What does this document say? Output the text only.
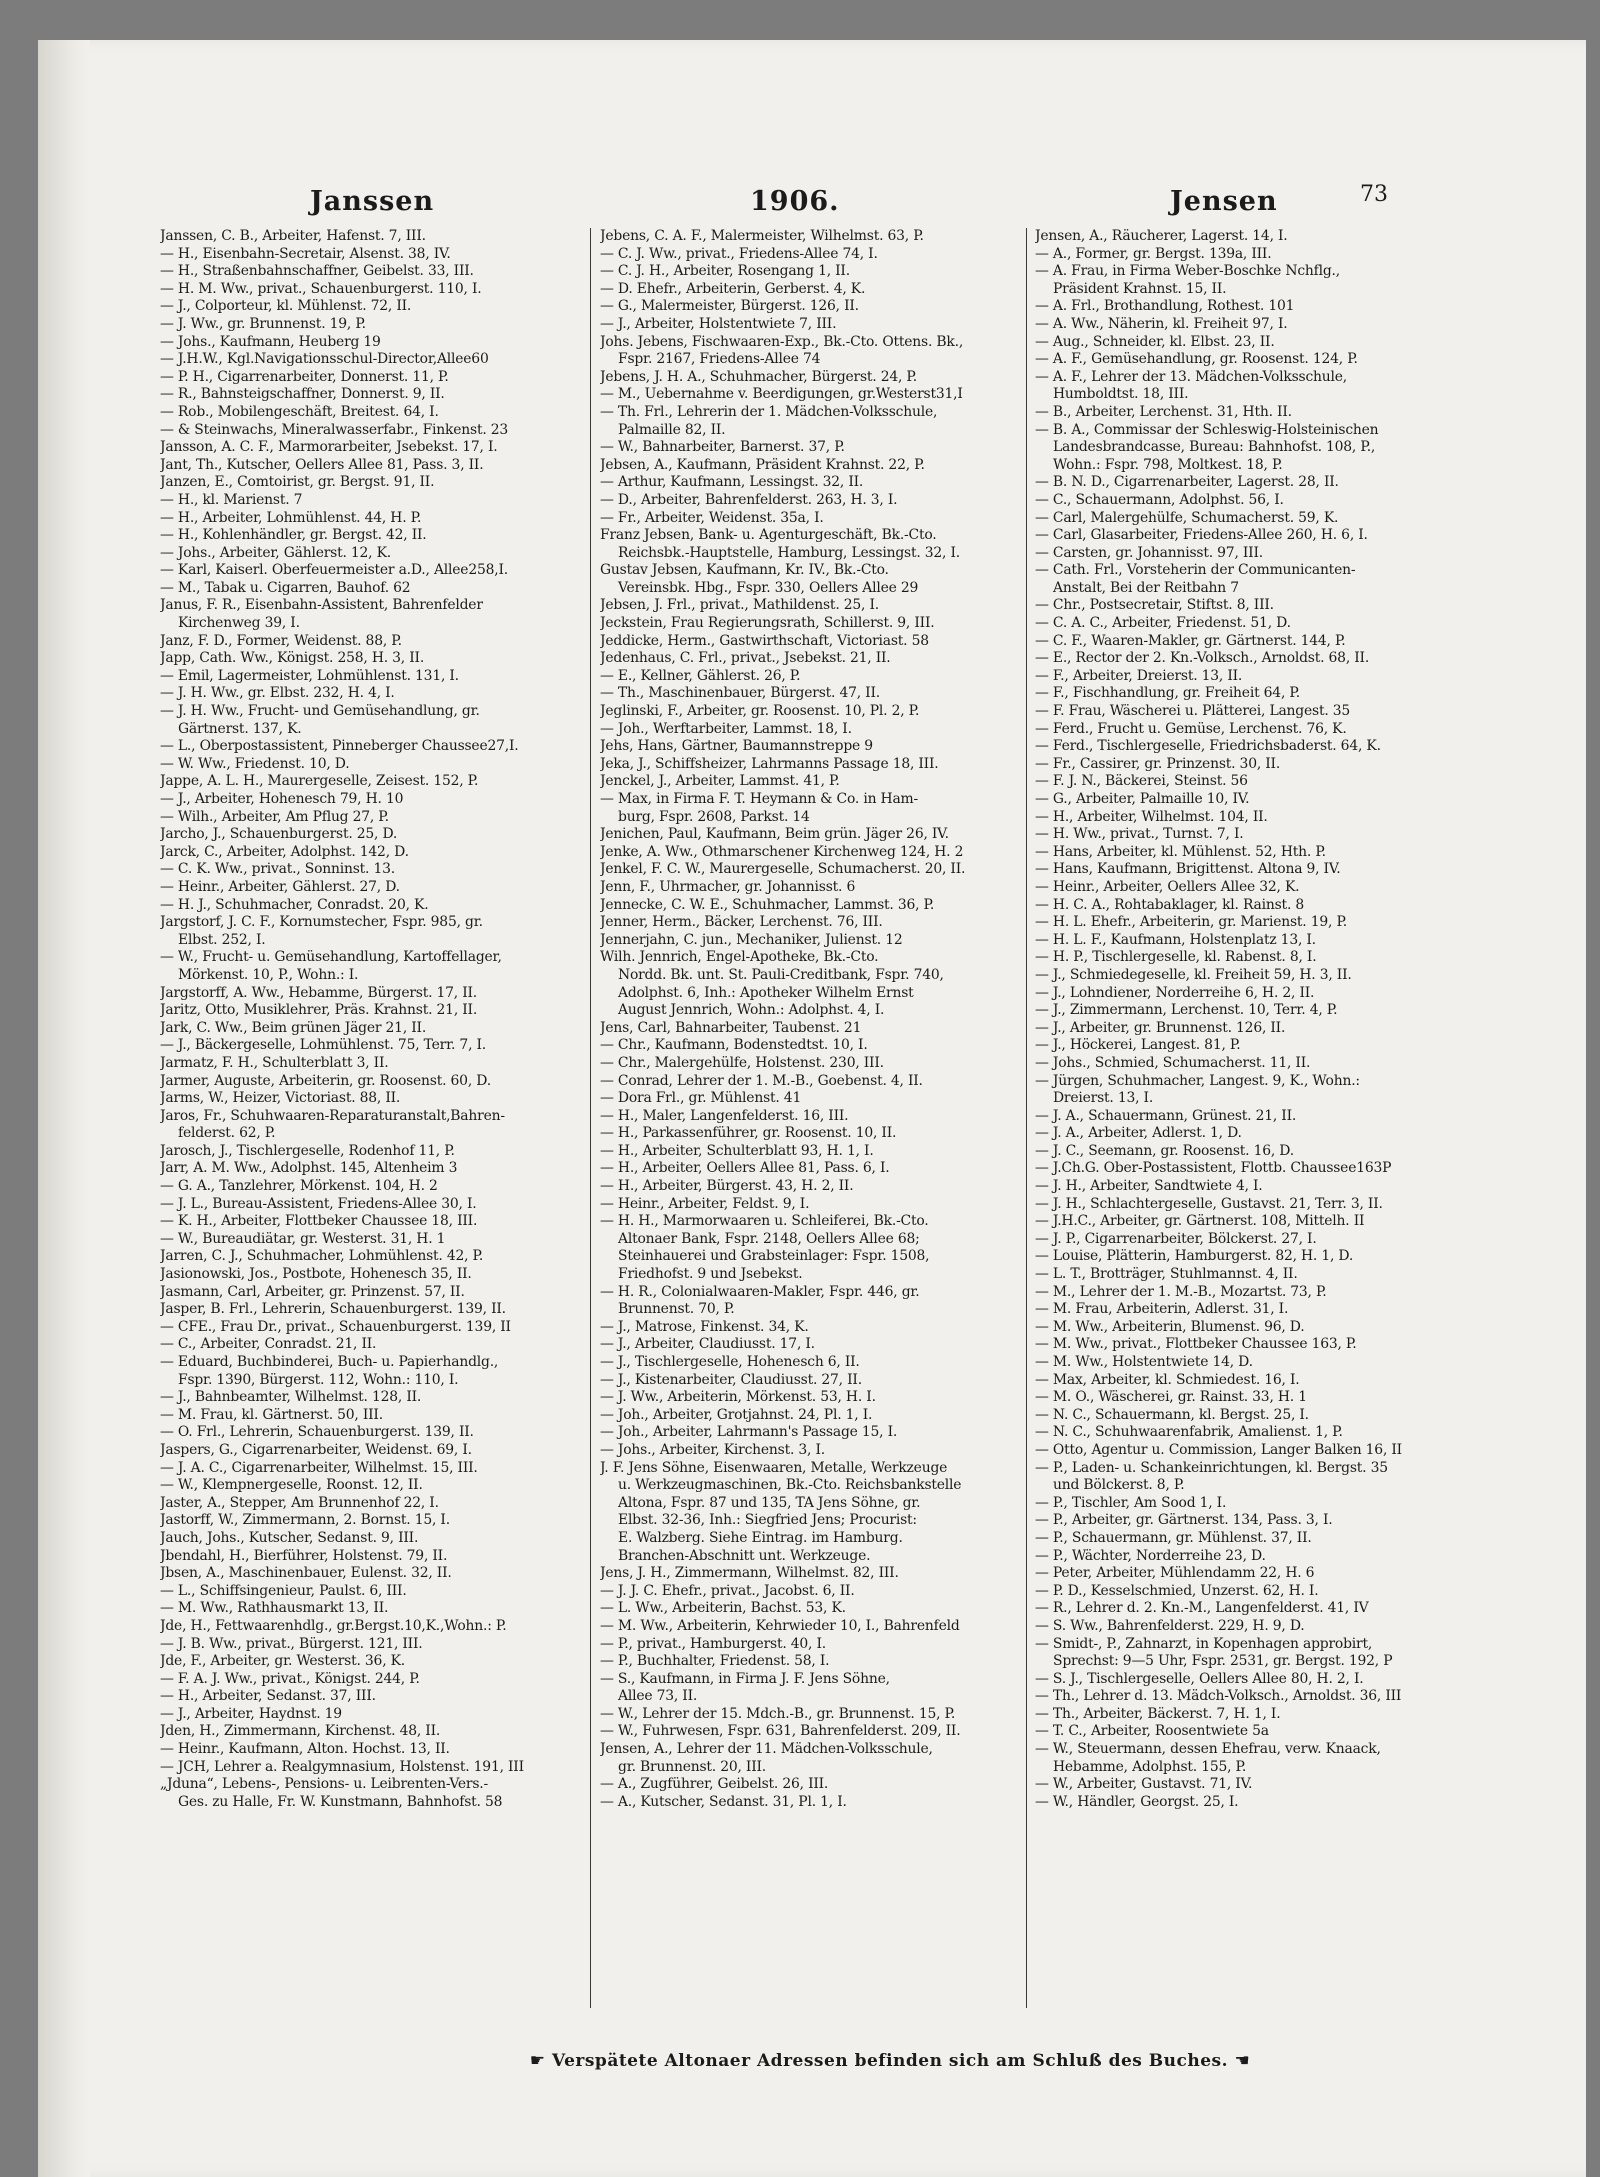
Janssen	1906.	Jensen	73
Janssen, C. B., Arbeiter, Hafenst. 7, III.
— H., Eisenbahn-Secretair, Alsenst. 38, IV.
— H., Straßenbahnschaffner, Geibelst. 33, III.
— H. M. Ww., privat., Schauenburgerst. 110, I.
— J., Colporteur, kl. Mühlenst. 72, II.
— J. Ww., gr. Brunnenst. 19, P.
— Johs., Kaufmann, Heuberg 19
— J.H.W., Kgl.Navigationsschul-Director,Allee60
— P. H., Cigarrenarbeiter, Donnerst. 11, P.
— R., Bahnsteigschaffner, Donnerst. 9, II.
— Rob., Mobilengeschäft, Breitest. 64, I.
— & Steinwachs, Mineralwasserfabr., Finkenst. 23
Jansson, A. C. F., Marmorarbeiter, Jsebekst. 17, I.
Jant, Th., Kutscher, Oellers Allee 81, Pass. 3, II.
Janzen, E., Comtoirist, gr. Bergst. 91, II.
— H., kl. Marienst. 7
— H., Arbeiter, Lohmühlenst. 44, H. P.
— H., Kohlenhändler, gr. Bergst. 42, II.
— Johs., Arbeiter, Gählerst. 12, K.
— Karl, Kaiserl. Oberfeuermeister a.D., Allee258,I.
— M., Tabak u. Cigarren, Bauhof. 62
Janus, F. R., Eisenbahn-Assistent, Bahrenfelder
Kirchenweg 39, I.
Janz, F. D., Former, Weidenst. 88, P.
Japp, Cath. Ww., Königst. 258, H. 3, II.
— Emil, Lagermeister, Lohmühlenst. 131, I.
— J. H. Ww., gr. Elbst. 232, H. 4, I.
— J. H. Ww., Frucht- und Gemüsehandlung, gr.
Gärtnerst. 137, K.
— L., Oberpostassistent, Pinneberger Chaussee27,I.
— W. Ww., Friedenst. 10, D.
Jappe, A. L. H., Maurergeselle, Zeisest. 152, P.
— J., Arbeiter, Hohenesch 79, H. 10
— Wilh., Arbeiter, Am Pflug 27, P.
Jarcho, J., Schauenburgerst. 25, D.
Jarck, C., Arbeiter, Adolphst. 142, D.
— C. K. Ww., privat., Sonninst. 13.
— Heinr., Arbeiter, Gählerst. 27, D.
— H. J., Schuhmacher, Conradst. 20, K.
Jargstorf, J. C. F., Kornumstecher, Fspr. 985, gr.
Elbst. 252, I.
— W., Frucht- u. Gemüsehandlung, Kartoffellager,
Mörkenst. 10, P., Wohn.: I.
Jargstorff, A. Ww., Hebamme, Bürgerst. 17, II.
Jaritz, Otto, Musiklehrer, Präs. Krahnst. 21, II.
Jark, C. Ww., Beim grünen Jäger 21, II.
— J., Bäckergeselle, Lohmühlenst. 75, Terr. 7, I.
Jarmatz, F. H., Schulterblatt 3, II.
Jarmer, Auguste, Arbeiterin, gr. Roosenst. 60, D.
Jarms, W., Heizer, Victoriast. 88, II.
Jaros, Fr., Schuhwaaren-Reparaturanstalt,Bahren-
felderst. 62, P.
Jarosch, J., Tischlergeselle, Rodenhof 11, P.
Jarr, A. M. Ww., Adolphst. 145, Altenheim 3
— G. A., Tanzlehrer, Mörkenst. 104, H. 2
— J. L., Bureau-Assistent, Friedens-Allee 30, I.
— K. H., Arbeiter, Flottbeker Chaussee 18, III.
— W., Bureaudiätar, gr. Westerst. 31, H. 1
Jarren, C. J., Schuhmacher, Lohmühlenst. 42, P.
Jasionowski, Jos., Postbote, Hohenesch 35, II.
Jasmann, Carl, Arbeiter, gr. Prinzenst. 57, II.
Jasper, B. Frl., Lehrerin, Schauenburgerst. 139, II.
— CFE., Frau Dr., privat., Schauenburgerst. 139, II
— C., Arbeiter, Conradst. 21, II.
— Eduard, Buchbinderei, Buch- u. Papierhandlg.,
Fspr. 1390, Bürgerst. 112, Wohn.: 110, I.
— J., Bahnbeamter, Wilhelmst. 128, II.
— M. Frau, kl. Gärtnerst. 50, III.
— O. Frl., Lehrerin, Schauenburgerst. 139, II.
Jaspers, G., Cigarrenarbeiter, Weidenst. 69, I.
— J. A. C., Cigarrenarbeiter, Wilhelmst. 15, III.
— W., Klempnergeselle, Roonst. 12, II.
Jaster, A., Stepper, Am Brunnenhof 22, I.
Jastorff, W., Zimmermann, 2. Bornst. 15, I.
Jauch, Johs., Kutscher, Sedanst. 9, III.
Jbendahl, H., Bierführer, Holstenst. 79, II.
Jbsen, A., Maschinenbauer, Eulenst. 32, II.
— L., Schiffsingenieur, Paulst. 6, III.
— M. Ww., Rathhausmarkt 13, II.
Jde, H., Fettwaarenhdlg., gr.Bergst.10,K.,Wohn.: P.
— J. B. Ww., privat., Bürgerst. 121, III.
Jde, F., Arbeiter, gr. Westerst. 36, K.
— F. A. J. Ww., privat., Königst. 244, P.
— H., Arbeiter, Sedanst. 37, III.
— J., Arbeiter, Haydnst. 19
Jden, H., Zimmermann, Kirchenst. 48, II.
— Heinr., Kaufmann, Alton. Hochst. 13, II.
— JCH, Lehrer a. Realgymnasium, Holstenst. 191, III
„Jduna“, Lebens-, Pensions- u. Leibrenten-Vers.-
Ges. zu Halle, Fr. W. Kunstmann, Bahnhofst. 58
Jebens, C. A. F., Malermeister, Wilhelmst. 63, P.
— C. J. Ww., privat., Friedens-Allee 74, I.
— C. J. H., Arbeiter, Rosengang 1, II.
— D. Ehefr., Arbeiterin, Gerberst. 4, K.
— G., Malermeister, Bürgerst. 126, II.
— J., Arbeiter, Holstentwiete 7, III.
Johs. Jebens, Fischwaaren-Exp., Bk.-Cto. Ottens. Bk.,
Fspr. 2167, Friedens-Allee 74
Jebens, J. H. A., Schuhmacher, Bürgerst. 24, P.
— M., Uebernahme v. Beerdigungen, gr.Westerst31,I
— Th. Frl., Lehrerin der 1. Mädchen-Volksschule,
Palmaille 82, II.
— W., Bahnarbeiter, Barnerst. 37, P.
Jebsen, A., Kaufmann, Präsident Krahnst. 22, P.
— Arthur, Kaufmann, Lessingst. 32, II.
— D., Arbeiter, Bahrenfelderst. 263, H. 3, I.
— Fr., Arbeiter, Weidenst. 35a, I.
Franz Jebsen, Bank- u. Agenturgeschäft, Bk.-Cto.
Reichsbk.-Hauptstelle, Hamburg, Lessingst. 32, I.
Gustav Jebsen, Kaufmann, Kr. IV., Bk.-Cto.
Vereinsbk. Hbg., Fspr. 330, Oellers Allee 29
Jebsen, J. Frl., privat., Mathildenst. 25, I.
Jeckstein, Frau Regierungsrath, Schillerst. 9, III.
Jeddicke, Herm., Gastwirthschaft, Victoriast. 58
Jedenhaus, C. Frl., privat., Jsebekst. 21, II.
— E., Kellner, Gählerst. 26, P.
— Th., Maschinenbauer, Bürgerst. 47, II.
Jeglinski, F., Arbeiter, gr. Roosenst. 10, Pl. 2, P.
— Joh., Werftarbeiter, Lammst. 18, I.
Jehs, Hans, Gärtner, Baumannstreppe 9
Jeka, J., Schiffsheizer, Lahrmanns Passage 18, III.
Jenckel, J., Arbeiter, Lammst. 41, P.
— Max, in Firma F. T. Heymann & Co. in Ham-
burg, Fspr. 2608, Parkst. 14
Jenichen, Paul, Kaufmann, Beim grün. Jäger 26, IV.
Jenke, A. Ww., Othmarschener Kirchenweg 124, H. 2
Jenkel, F. C. W., Maurergeselle, Schumacherst. 20, II.
Jenn, F., Uhrmacher, gr. Johannisst. 6
Jennecke, C. W. E., Schuhmacher, Lammst. 36, P.
Jenner, Herm., Bäcker, Lerchenst. 76, III.
Jennerjahn, C. jun., Mechaniker, Julienst. 12
Wilh. Jennrich, Engel-Apotheke, Bk.-Cto.
Nordd. Bk. unt. St. Pauli-Creditbank, Fspr. 740,
Adolphst. 6, Inh.: Apotheker Wilhelm Ernst
August Jennrich, Wohn.: Adolphst. 4, I.
Jens, Carl, Bahnarbeiter, Taubenst. 21
— Chr., Kaufmann, Bodenstedtst. 10, I.
— Chr., Malergehülfe, Holstenst. 230, III.
— Conrad, Lehrer der 1. M.-B., Goebenst. 4, II.
— Dora Frl., gr. Mühlenst. 41
— H., Maler, Langenfelderst. 16, III.
— H., Parkassenführer, gr. Roosenst. 10, II.
— H., Arbeiter, Schulterblatt 93, H. 1, I.
— H., Arbeiter, Oellers Allee 81, Pass. 6, I.
— H., Arbeiter, Bürgerst. 43, H. 2, II.
— Heinr., Arbeiter, Feldst. 9, I.
— H. H., Marmorwaaren u. Schleiferei, Bk.-Cto.
Altonaer Bank, Fspr. 2148, Oellers Allee 68;
Steinhauerei und Grabsteinlager: Fspr. 1508,
Friedhofst. 9 und Jsebekst.
— H. R., Colonialwaaren-Makler, Fspr. 446, gr.
Brunnenst. 70, P.
— J., Matrose, Finkenst. 34, K.
— J., Arbeiter, Claudiusst. 17, I.
— J., Tischlergeselle, Hohenesch 6, II.
— J., Kistenarbeiter, Claudiusst. 27, II.
— J. Ww., Arbeiterin, Mörkenst. 53, H. I.
— Joh., Arbeiter, Grotjahnst. 24, Pl. 1, I.
— Joh., Arbeiter, Lahrmann's Passage 15, I.
— Johs., Arbeiter, Kirchenst. 3, I.
J. F. Jens Söhne, Eisenwaaren, Metalle, Werkzeuge
u. Werkzeugmaschinen, Bk.-Cto. Reichsbankstelle
Altona, Fspr. 87 und 135, TA Jens Söhne, gr.
Elbst. 32-36, Inh.: Siegfried Jens; Procurist:
E. Walzberg. Siehe Eintrag. im Hamburg.
Branchen-Abschnitt unt. Werkzeuge.
Jens, J. H., Zimmermann, Wilhelmst. 82, III.
— J. J. C. Ehefr., privat., Jacobst. 6, II.
— L. Ww., Arbeiterin, Bachst. 53, K.
— M. Ww., Arbeiterin, Kehrwieder 10, I., Bahrenfeld
— P., privat., Hamburgerst. 40, I.
— P., Buchhalter, Friedenst. 58, I.
— S., Kaufmann, in Firma J. F. Jens Söhne,
Allee 73, II.
— W., Lehrer der 15. Mdch.-B., gr. Brunnenst. 15, P.
— W., Fuhrwesen, Fspr. 631, Bahrenfelderst. 209, II.
Jensen, A., Lehrer der 11. Mädchen-Volksschule,
gr. Brunnenst. 20, III.
— A., Zugführer, Geibelst. 26, III.
— A., Kutscher, Sedanst. 31, Pl. 1, I.
Jensen, A., Räucherer, Lagerst. 14, I.
— A., Former, gr. Bergst. 139a, III.
— A. Frau, in Firma Weber-Boschke Nchflg.,
Präsident Krahnst. 15, II.
— A. Frl., Brothandlung, Rothest. 101
— A. Ww., Näherin, kl. Freiheit 97, I.
— Aug., Schneider, kl. Elbst. 23, II.
— A. F., Gemüsehandlung, gr. Roosenst. 124, P.
— A. F., Lehrer der 13. Mädchen-Volksschule,
Humboldtst. 18, III.
— B., Arbeiter, Lerchenst. 31, Hth. II.
— B. A., Commissar der Schleswig-Holsteinischen
Landesbrandcasse, Bureau: Bahnhofst. 108, P.,
Wohn.: Fspr. 798, Moltkest. 18, P.
— B. N. D., Cigarrenarbeiter, Lagerst. 28, II.
— C., Schauermann, Adolphst. 56, I.
— Carl, Malergehülfe, Schumacherst. 59, K.
— Carl, Glasarbeiter, Friedens-Allee 260, H. 6, I.
— Carsten, gr. Johannisst. 97, III.
— Cath. Frl., Vorsteherin der Communicanten-
Anstalt, Bei der Reitbahn 7
— Chr., Postsecretair, Stiftst. 8, III.
— C. A. C., Arbeiter, Friedenst. 51, D.
— C. F., Waaren-Makler, gr. Gärtnerst. 144, P.
— E., Rector der 2. Kn.-Volksch., Arnoldst. 68, II.
— F., Arbeiter, Dreierst. 13, II.
— F., Fischhandlung, gr. Freiheit 64, P.
— F. Frau, Wäscherei u. Plätterei, Langest. 35
— Ferd., Frucht u. Gemüse, Lerchenst. 76, K.
— Ferd., Tischlergeselle, Friedrichsbaderst. 64, K.
— Fr., Cassirer, gr. Prinzenst. 30, II.
— F. J. N., Bäckerei, Steinst. 56
— G., Arbeiter, Palmaille 10, IV.
— H., Arbeiter, Wilhelmst. 104, II.
— H. Ww., privat., Turnst. 7, I.
— Hans, Arbeiter, kl. Mühlenst. 52, Hth. P.
— Hans, Kaufmann, Brigittenst. Altona 9, IV.
— Heinr., Arbeiter, Oellers Allee 32, K.
— H. C. A., Rohtabaklager, kl. Rainst. 8
— H. L. Ehefr., Arbeiterin, gr. Marienst. 19, P.
— H. L. F., Kaufmann, Holstenplatz 13, I.
— H. P., Tischlergeselle, kl. Rabenst. 8, I.
— J., Schmiedegeselle, kl. Freiheit 59, H. 3, II.
— J., Lohndiener, Norderreihe 6, H. 2, II.
— J., Zimmermann, Lerchenst. 10, Terr. 4, P.
— J., Arbeiter, gr. Brunnenst. 126, II.
— J., Höckerei, Langest. 81, P.
— Johs., Schmied, Schumacherst. 11, II.
— Jürgen, Schuhmacher, Langest. 9, K., Wohn.:
Dreierst. 13, I.
— J. A., Schauermann, Grünest. 21, II.
— J. A., Arbeiter, Adlerst. 1, D.
— J. C., Seemann, gr. Roosenst. 16, D.
— J.Ch.G. Ober-Postassistent, Flottb. Chaussee163P
— J. H., Arbeiter, Sandtwiete 4, I.
— J. H., Schlachtergeselle, Gustavst. 21, Terr. 3, II.
— J.H.C., Arbeiter, gr. Gärtnerst. 108, Mittelh. II
— J. P., Cigarrenarbeiter, Bölckerst. 27, I.
— Louise, Plätterin, Hamburgerst. 82, H. 1, D.
— L. T., Brotträger, Stuhlmannst. 4, II.
— M., Lehrer der 1. M.-B., Mozartst. 73, P.
— M. Frau, Arbeiterin, Adlerst. 31, I.
— M. Ww., Arbeiterin, Blumenst. 96, D.
— M. Ww., privat., Flottbeker Chaussee 163, P.
— M. Ww., Holstentwiete 14, D.
— Max, Arbeiter, kl. Schmiedest. 16, I.
— M. O., Wäscherei, gr. Rainst. 33, H. 1
— N. C., Schauermann, kl. Bergst. 25, I.
— N. C., Schuhwaarenfabrik, Amalienst. 1, P.
— Otto, Agentur u. Commission, Langer Balken 16, II
— P., Laden- u. Schankeinrichtungen, kl. Bergst. 35
und Bölckerst. 8, P.
— P., Tischler, Am Sood 1, I.
— P., Arbeiter, gr. Gärtnerst. 134, Pass. 3, I.
— P., Schauermann, gr. Mühlenst. 37, II.
— P., Wächter, Norderreihe 23, D.
— Peter, Arbeiter, Mühlendamm 22, H. 6
— P. D., Kesselschmied, Unzerst. 62, H. I.
— R., Lehrer d. 2. Kn.-M., Langenfelderst. 41, IV
— S. Ww., Bahrenfelderst. 229, H. 9, D.
— Smidt-, P., Zahnarzt, in Kopenhagen approbirt,
Sprechst: 9—5 Uhr, Fspr. 2531, gr. Bergst. 192, P
— S. J., Tischlergeselle, Oellers Allee 80, H. 2, I.
— Th., Lehrer d. 13. Mädch-Volksch., Arnoldst. 36, III
— Th., Arbeiter, Bäckerst. 7, H. 1, I.
— T. C., Arbeiter, Roosentwiete 5a
— W., Steuermann, dessen Ehefrau, verw. Knaack,
Hebamme, Adolphst. 155, P.
— W., Arbeiter, Gustavst. 71, IV.
— W., Händler, Georgst. 25, I.
☛ Verspätete Altonaer Adressen befinden sich am Schluß des Buches. ☚
